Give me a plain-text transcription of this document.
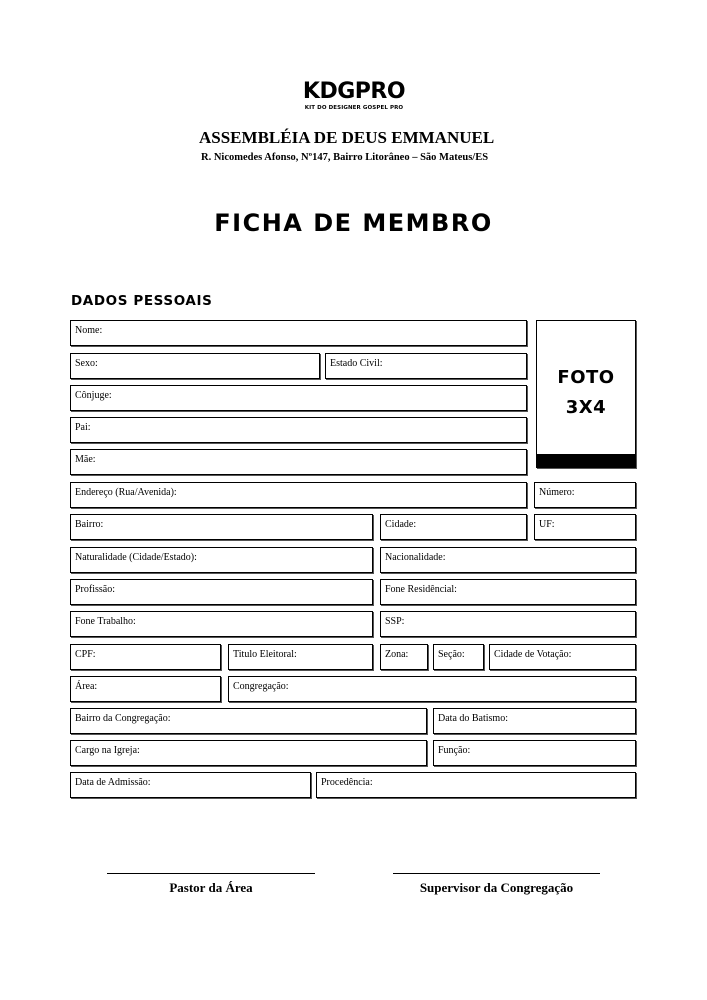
KDGPRO
KIT DO DESIGNER GOSPEL PRO
ASSEMBLÉIA DE DEUS EMMANUEL
R. Nicomedes Afonso, Nº147, Bairro Litorâneo – São Mateus/ES
FICHA DE MEMBRO
DADOS PESSOAIS
FOTO
3X4
Nome:
Sexo:	Estado Civil:
Cônjuge:
Pai:
Mãe:
Endereço (Rua/Avenida):	Número:
Bairro:	Cidade:	UF:
Naturalidade (Cidade/Estado):	Nacionalidade:
Profissão:	Fone Residêncial:
Fone Trabalho:	SSP:
CPF:	Titulo Eleitoral:	Zona:	Seção:	Cidade de Votação:
Área:	Congregação:
Bairro da Congregação:	Data do Batismo:
Cargo na Igreja:	Função:
Data de Admissão:	Procedência:
Pastor da Área	Supervisor da Congregação
